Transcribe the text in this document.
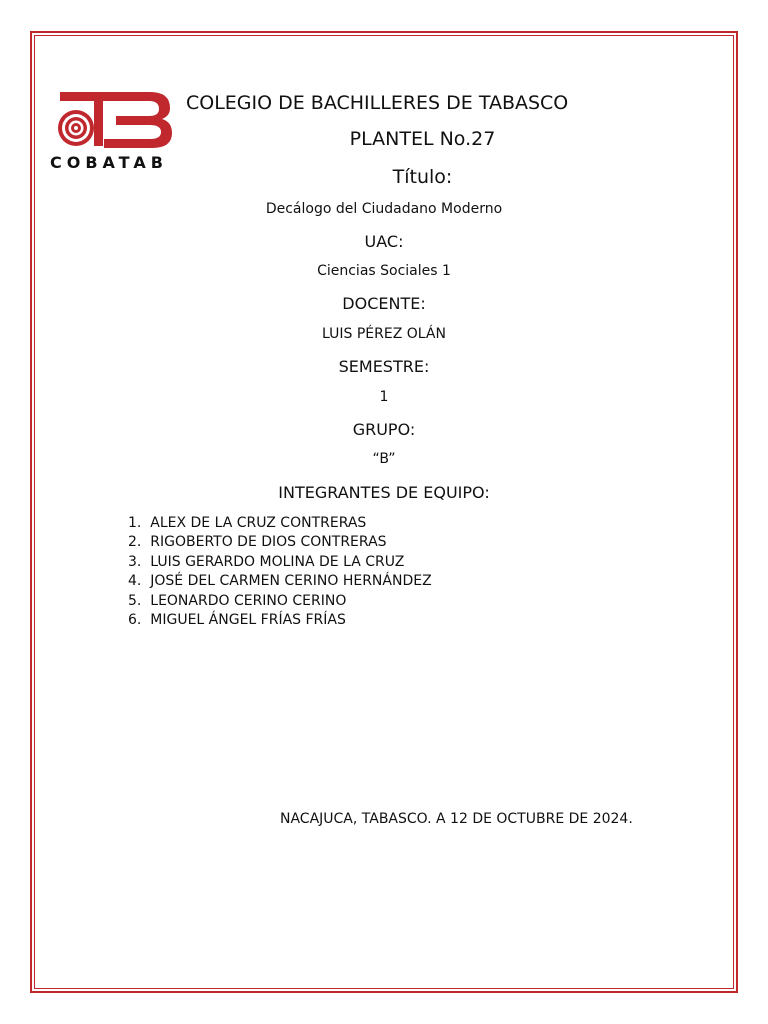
COBATAB
COLEGIO DE BACHILLERES DE TABASCO
PLANTEL No.27
Título:
Decálogo del Ciudadano Moderno
UAC:
Ciencias Sociales 1
DOCENTE:
LUIS PÉREZ OLÁN
SEMESTRE:
1
GRUPO:
“B”
INTEGRANTES DE EQUIPO:
1. ALEX DE LA CRUZ CONTRERAS
2. RIGOBERTO DE DIOS CONTRERAS
3. LUIS GERARDO MOLINA DE LA CRUZ
4. JOSÉ DEL CARMEN CERINO HERNÁNDEZ
5. LEONARDO CERINO CERINO
6. MIGUEL ÁNGEL FRÍAS FRÍAS
NACAJUCA, TABASCO. A 12 DE OCTUBRE DE 2024.
